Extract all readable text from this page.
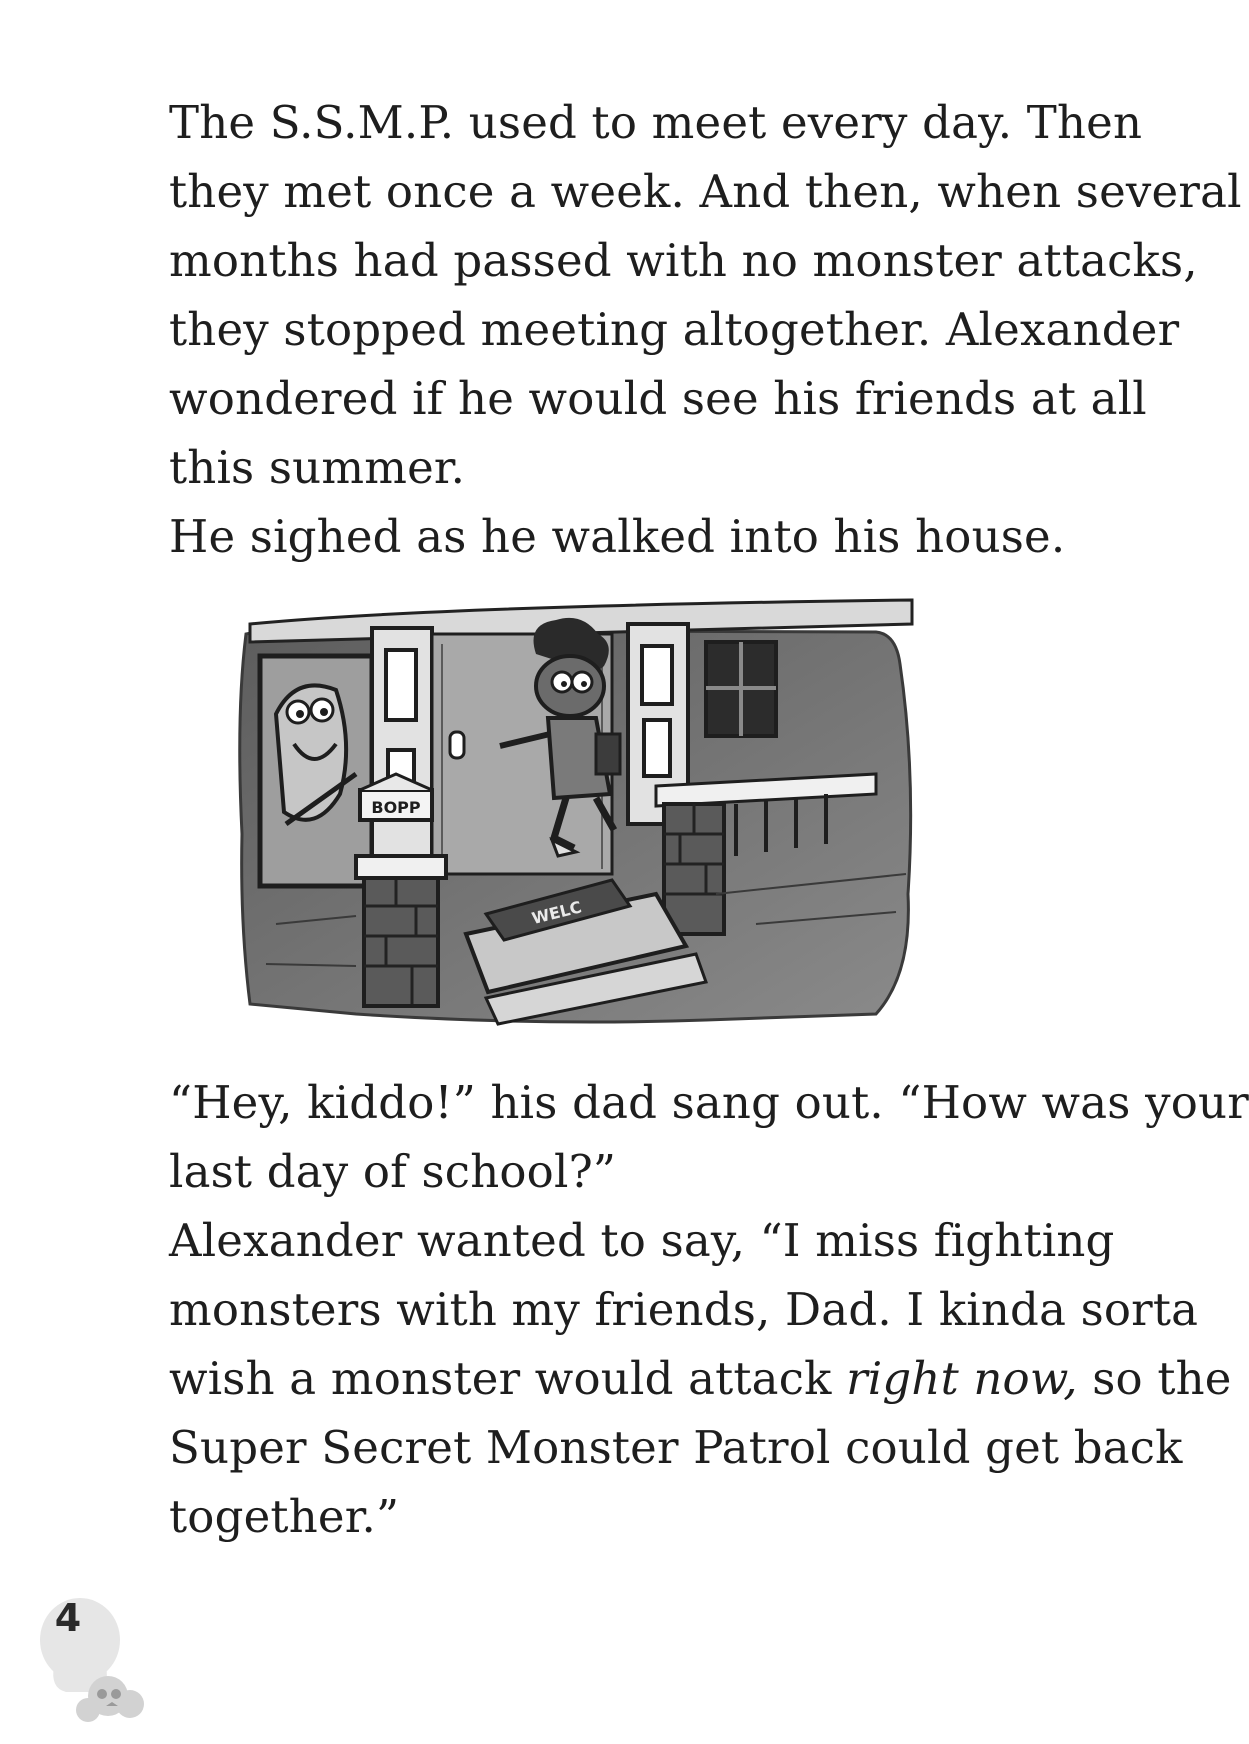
The S.S.M.P. used to meet every day. Then
they met once a week. And then, when several
months had passed with no monster attacks,
they stopped meeting altogether. Alexander
wondered if he would see his friends at all
this summer.
He sighed as he walked into his house.
BOPP
WELC
“Hey, kiddo!” his dad sang out. “How was your
last day of school?”
Alexander wanted to say, “I miss fighting
monsters with my friends, Dad. I kinda sorta
wish a monster would attack right now, so the
Super Secret Monster Patrol could get back
together.”
4
